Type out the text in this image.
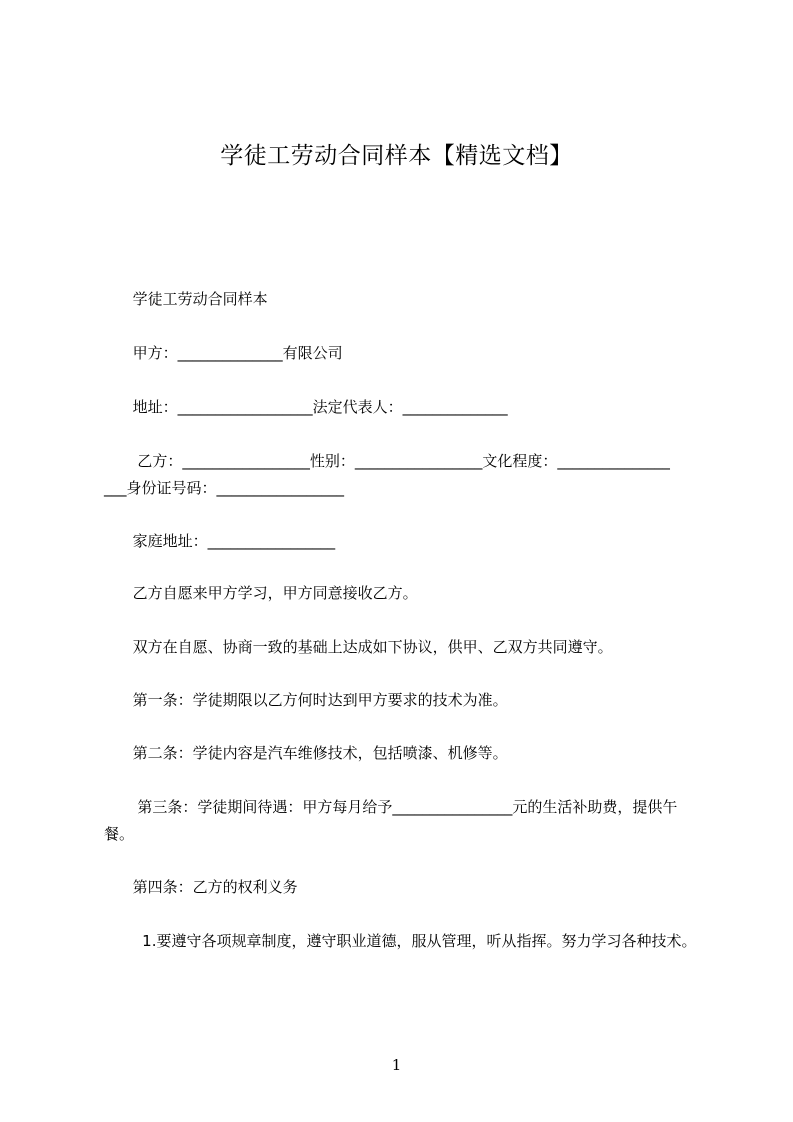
学徒工劳动合同样本【精选文档】

学徒工劳动合同样本

甲方：______________有限公司

地址：__________________法定代表人：______________

乙方：_________________性别：_________________文化程度：_______________

___身份证号码：_________________

家庭地址：_________________

乙方自愿来甲方学习，甲方同意接收乙方。

双方在自愿、协商一致的基础上达成如下协议，供甲、乙双方共同遵守。

第一条：学徒期限以乙方何时达到甲方要求的技术为准。

第二条：学徒内容是汽车维修技术，包括喷漆、机修等。

第三条：学徒期间待遇：甲方每月给予________________元的生活补助费，提供午餐。

第四条：乙方的权利义务

1.要遵守各项规章制度，遵守职业道德，服从管理，听从指挥。努力学习各种技术。

1
